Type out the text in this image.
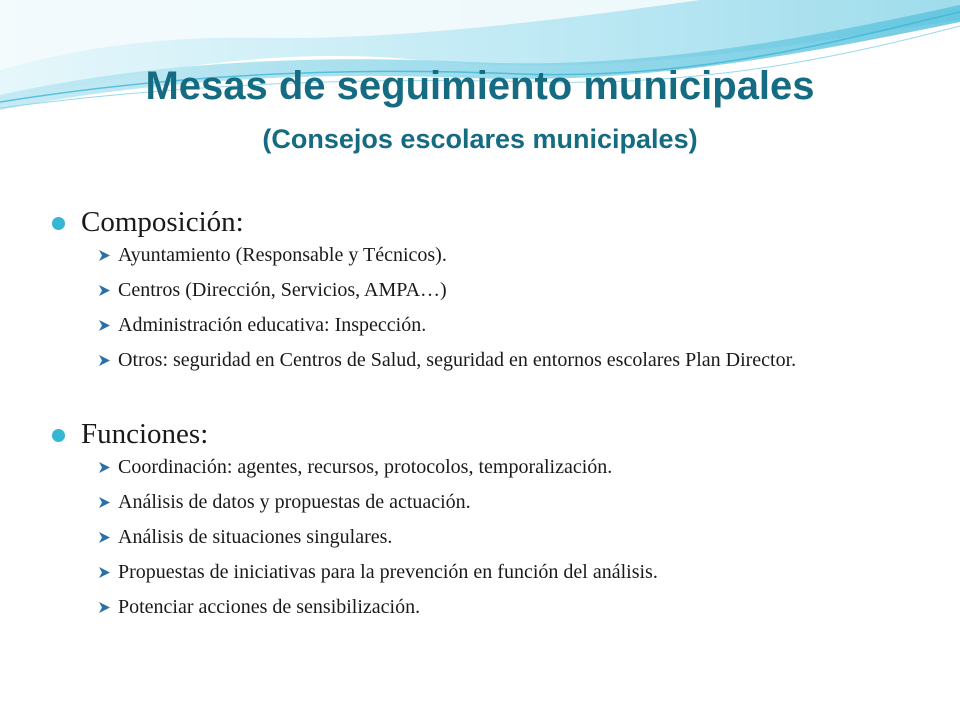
Mesas de seguimiento municipales
(Consejos escolares municipales)
Composición:
Ayuntamiento (Responsable y Técnicos).
Centros (Dirección, Servicios, AMPA…)
Administración educativa: Inspección.
Otros: seguridad en Centros de Salud, seguridad en entornos escolares Plan Director.
Funciones:
Coordinación: agentes, recursos, protocolos, temporalización.
Análisis de datos y propuestas de actuación.
Análisis de situaciones singulares.
Propuestas de iniciativas para la prevención en función del análisis.
Potenciar acciones de sensibilización.
